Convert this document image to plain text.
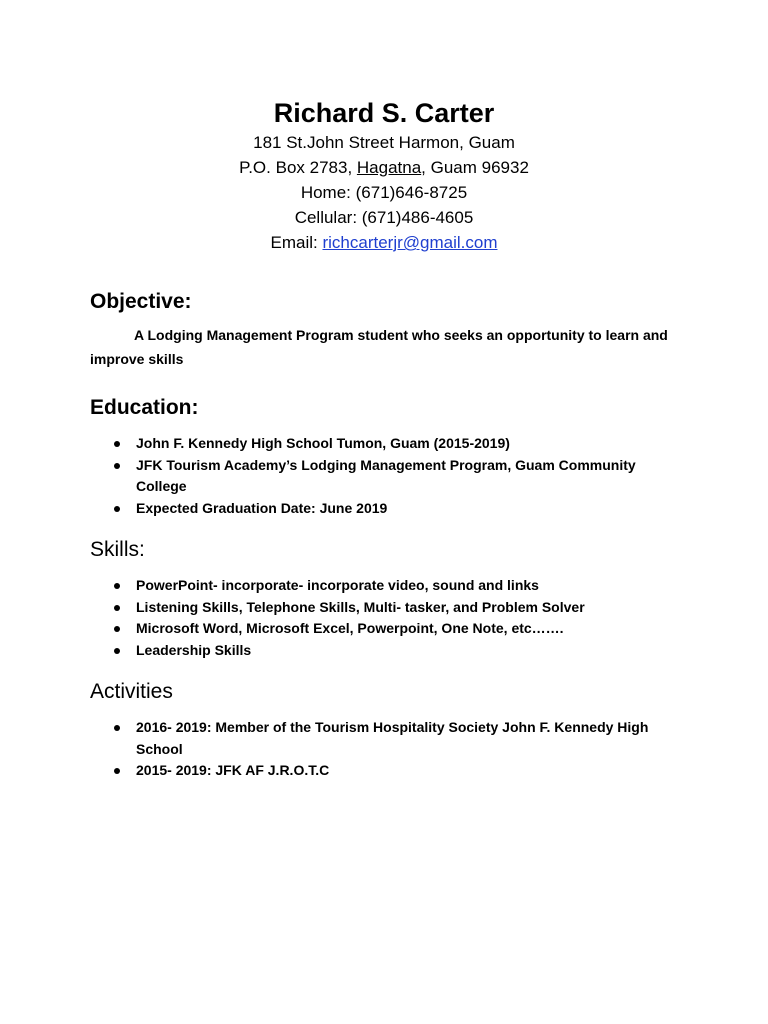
Richard S. Carter

181 St.John Street Harmon, Guam

P.O. Box 2783, Hagatna, Guam 96932

Home: (671)646-8725

Cellular: (671)486-4605

Email: richcarterjr@gmail.com

Objective:

A Lodging Management Program student who seeks an opportunity to learn and improve skills

Education:

John F. Kennedy High School Tumon, Guam (2015-2019)
JFK Tourism Academy’s Lodging Management Program, Guam Community College
Expected Graduation Date: June 2019

Skills:

PowerPoint- incorporate- incorporate video, sound and links
Listening Skills, Telephone Skills, Multi- tasker, and Problem Solver
Microsoft Word, Microsoft Excel, Powerpoint, One Note, etc…….
Leadership Skills

Activities

2016- 2019: Member of the Tourism Hospitality Society John F. Kennedy High School
2015- 2019: JFK AF J.R.O.T.C
